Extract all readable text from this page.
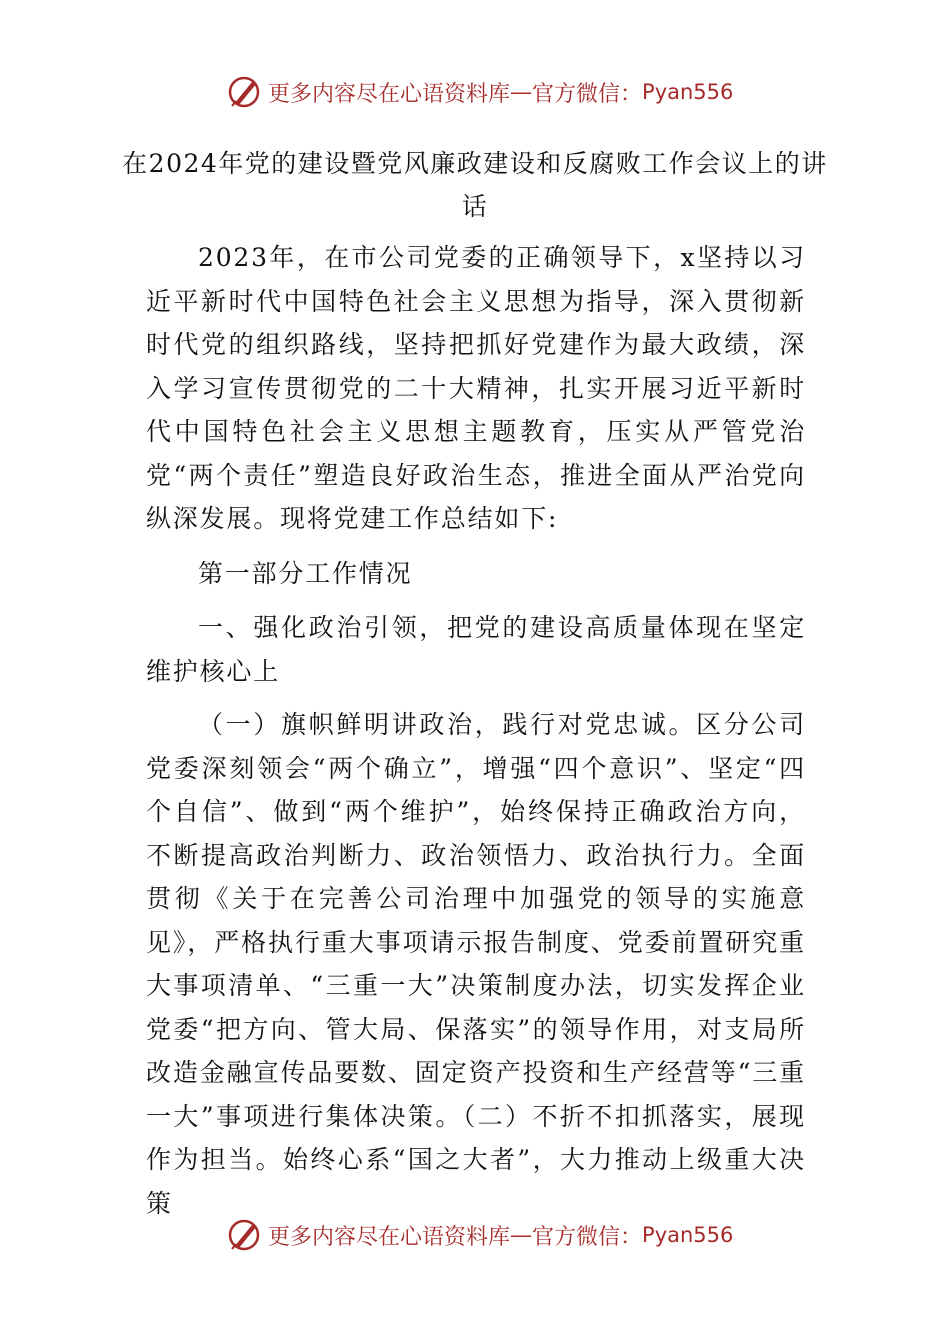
更多内容尽在心语资料库 — 官方微信： Pyan556
在2024年党的建设暨党风廉政建设和反腐败工作会议上的讲话

2023年，在市公司党委的正确领导下，x坚持以习近平新时代中国特色社会主义思想为指导，深入贯彻新时代党的组织路线，坚持把抓好党建作为最大政绩，深入学习宣传贯彻党的二十大精神，扎实开展习近平新时代中国特色社会主义思想主题教育，压实从严管党治党“两个责任”塑造良好政治生态，推进全面从严治党向纵深发展。现将党建工作总结如下:

第一部分工作情况

一、强化政治引领，把党的建设高质量体现在坚定维护核心上

（一）旗帜鲜明讲政治，践行对党忠诚。区分公司党委深刻领会“两个确立”，增强“四个意识”、坚定“四个自信”、做到“两个维护”，始终保持正确政治方向，不断提高政治判断力、政治领悟力、政治执行力。全面贯彻《关于在完善公司治理中加强党的领导的实施意见》，严格执行重大事项请示报告制度、党委前置研究重大事项清单、“三重一大”决策制度办法，切实发挥企业党委“把方向、管大局、保落实”的领导作用，对支局所改造金融宣传品要数、固定资产投资和生产经营等“三重一大”事项进行集体决策。（二）不折不扣抓落实，展现作为担当。始终心系“国之大者”，大力推动上级重大决策

更多内容尽在心语资料库 — 官方微信： Pyan556
